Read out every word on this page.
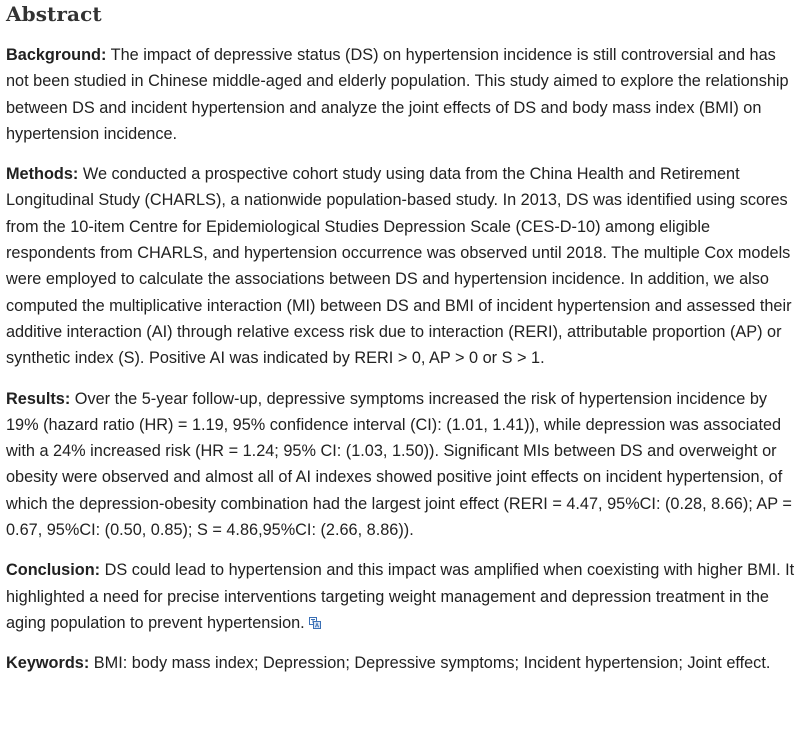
Abstract

Background: The impact of depressive status (DS) on hypertension incidence is still controversial and has not been studied in Chinese middle-aged and elderly population. This study aimed to explore the relationship between DS and incident hypertension and analyze the joint effects of DS and body mass index (BMI) on hypertension incidence.

Methods: We conducted a prospective cohort study using data from the China Health and Retirement Longitudinal Study (CHARLS), a nationwide population-based study. In 2013, DS was identified using scores from the 10-item Centre for Epidemiological Studies Depression Scale (CES-D-10) among eligible respondents from CHARLS, and hypertension occurrence was observed until 2018. The multiple Cox models were employed to calculate the associations between DS and hypertension incidence. In addition, we also computed the multiplicative interaction (MI) between DS and BMI of incident hypertension and assessed their additive interaction (AI) through relative excess risk due to interaction (RERI), attributable proportion (AP) or synthetic index (S). Positive AI was indicated by RERI > 0, AP > 0 or S > 1.

Results: Over the 5-year follow-up, depressive symptoms increased the risk of hypertension incidence by 19% (hazard ratio (HR) = 1.19, 95% confidence interval (CI): (1.01, 1.41)), while depression was associated with a 24% increased risk (HR = 1.24; 95% CI: (1.03, 1.50)). Significant MIs between DS and overweight or obesity were observed and almost all of AI indexes showed positive joint effects on incident hypertension, of which the depression-obesity combination had the largest joint effect (RERI = 4.47, 95%CI: (0.28, 8.66); AP = 0.67, 95%CI: (0.50, 0.85); S = 4.86,95%CI: (2.66, 8.86)).

Conclusion: DS could lead to hypertension and this impact was amplified when coexisting with higher BMI. It highlighted a need for precise interventions targeting weight management and depression treatment in the aging population to prevent hypertension.

Keywords: BMI: body mass index; Depression; Depressive symptoms; Incident hypertension; Joint effect.
